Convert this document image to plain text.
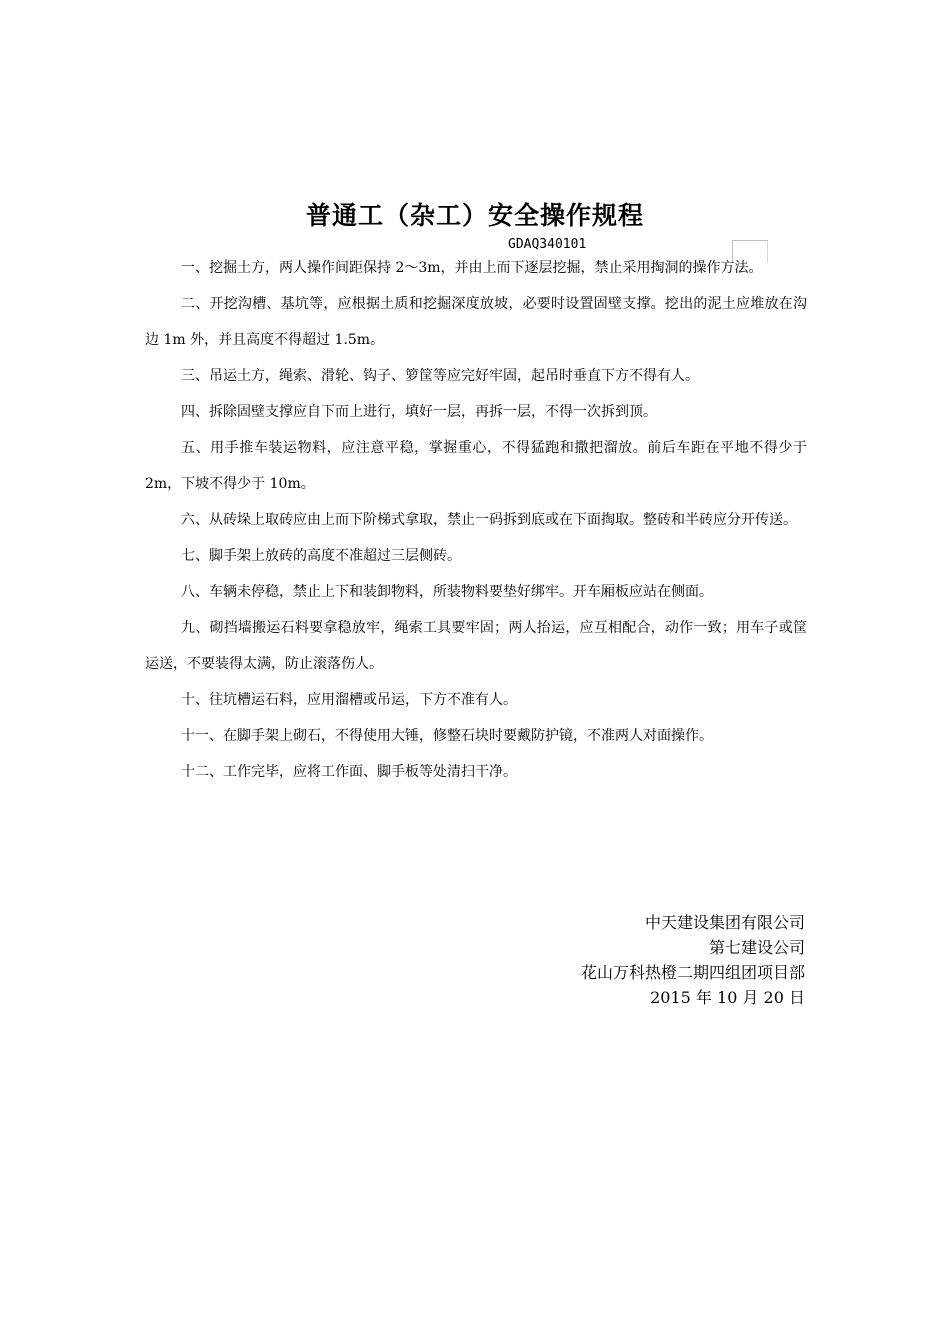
普通工（杂工）安全操作规程
GDAQ340101

一、挖掘土方，两人操作间距保持 2～3m，并由上而下逐层挖掘，禁止采用掏洞的操作方法。

二、开挖沟槽、基坑等，应根据土质和挖掘深度放坡，必要时设置固壁支撑。挖出的泥土应堆放在沟边 1m 外，并且高度不得超过 1.5m。

三、吊运土方，绳索、滑轮、钩子、箩筐等应完好牢固，起吊时垂直下方不得有人。

四、拆除固壁支撑应自下而上进行，填好一层，再拆一层，不得一次拆到顶。

五、用手推车装运物料，应注意平稳，掌握重心，不得猛跑和撒把溜放。前后车距在平地不得少于 2m，下坡不得少于 10m。

六、从砖垛上取砖应由上而下阶梯式拿取，禁止一码拆到底或在下面掏取。整砖和半砖应分开传送。

七、脚手架上放砖的高度不准超过三层侧砖。

八、车辆未停稳，禁止上下和装卸物料，所装物料要垫好绑牢。开车厢板应站在侧面。

九、砌挡墙搬运石料要拿稳放牢，绳索工具要牢固；两人抬运，应互相配合，动作一致；用车子或筐运送，不要装得太满，防止滚落伤人。

十、往坑槽运石料，应用溜槽或吊运，下方不准有人。

十一、在脚手架上砌石，不得使用大锤，修整石块时要戴防护镜，不准两人对面操作。

十二、工作完毕，应将工作面、脚手板等处清扫干净。

中天建设集团有限公司
第七建设公司
花山万科热橙二期四组团项目部
2015 年 10 月 20 日
